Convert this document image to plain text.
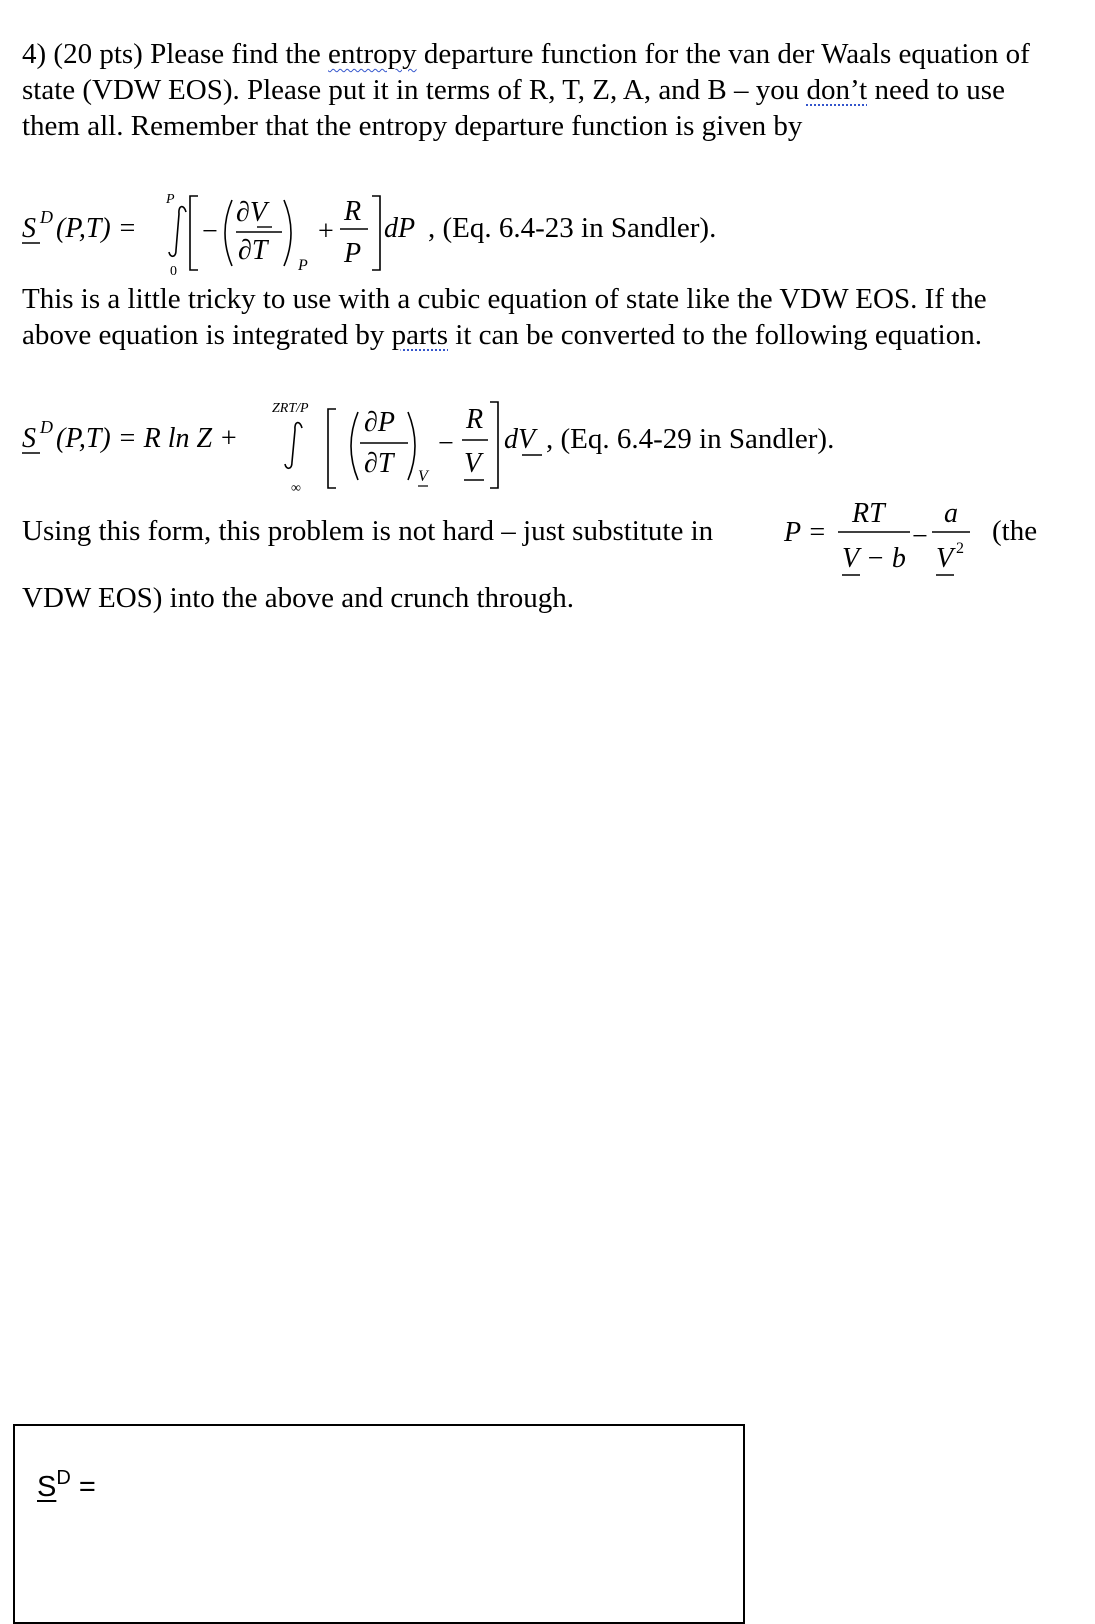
4) (20 pts) Please find the entropy departure function for the van der Waals equation of state (VDW EOS). Please put it in terms of R, T, Z, A, and B – you don’t need to use them all. Remember that the entropy departure function is given by
S D (P,T) =
P
0
−
∂V
∂T P
+
R
P
dP , (Eq. 6.4-23 in Sandler).
This is a little tricky to use with a cubic equation of state like the VDW EOS. If the above equation is integrated by parts it can be converted to the following equation.
S D (P,T) = R ln Z +
ZRT/P
∞
∂P
∂T V
−
R
V
dV , (Eq. 6.4-29 in Sandler).
Using this form, this problem is not hard – just substitute in	P =
RT
V − b
−
a
V 2
(the
VDW EOS) into the above and crunch through.
$S^D$ =
